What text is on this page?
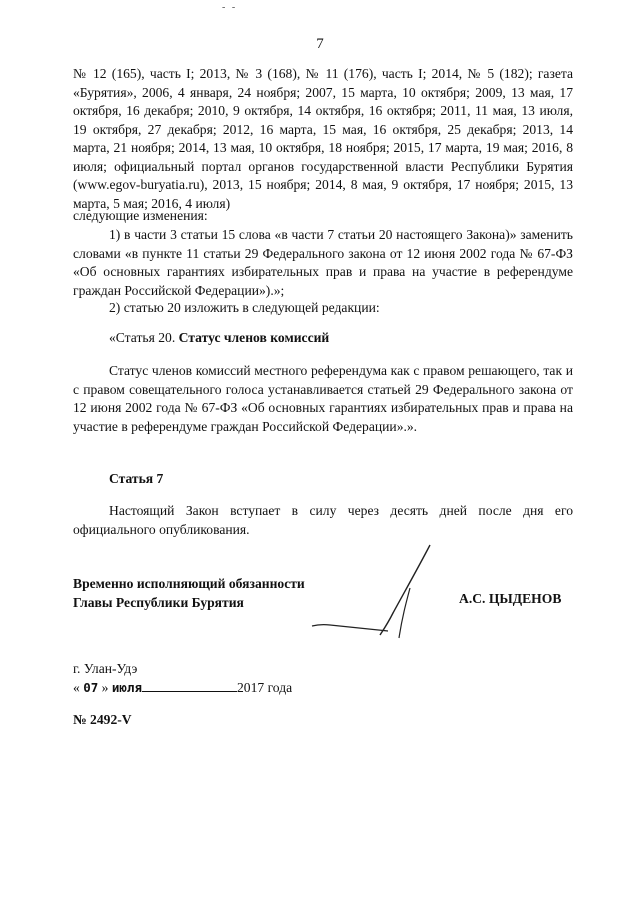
- -
7
№ 12 (165), часть I; 2013, № 3 (168), № 11 (176), часть I; 2014, № 5 (182); газета «Бурятия», 2006, 4 января, 24 ноября; 2007, 15 марта, 10 октября; 2009, 13 мая, 17 октября, 16 декабря; 2010, 9 октября, 14 октября, 16 октября; 2011, 11 мая, 13 июля, 19 октября, 27 декабря; 2012, 16 марта, 15 мая, 16 октября, 25 декабря; 2013, 14 марта, 21 ноября; 2014, 13 мая, 10 октября, 18 ноября; 2015, 17 марта, 19 мая; 2016, 8 июля; официальный портал органов государственной власти Республики Бурятия (www.egov-buryatia.ru), 2013, 15 ноября; 2014, 8 мая, 9 октября, 17 ноября; 2015, 13 марта, 5 мая; 2016, 4 июля)
следующие изменения:
1) в части 3 статьи 15 слова «в части 7 статьи 20 настоящего Закона)» заменить словами «в пункте 11 статьи 29 Федерального закона от 12 июня 2002 года № 67-ФЗ «Об основных гарантиях избирательных прав и права на участие в референдуме граждан Российской Федерации»).»;
2) статью 20 изложить в следующей редакции:
«Статья 20. Статус членов комиссий
Статус членов комиссий местного референдума как с правом решающего, так и с правом совещательного голоса устанавливается статьей 29 Федерального закона от 12 июня 2002 года № 67-ФЗ «Об основных гарантиях избирательных прав и права на участие в референдуме граждан Российской Федерации».».
Статья 7
Настоящий Закон вступает в силу через десять дней после дня его официального опубликования.
Временно исполняющий обязанности
Главы Республики Бурятия	А.С. ЦЫДЕНОВ
г. Улан-Удэ
« 07 » июля	2017 года
№ 2492-V
